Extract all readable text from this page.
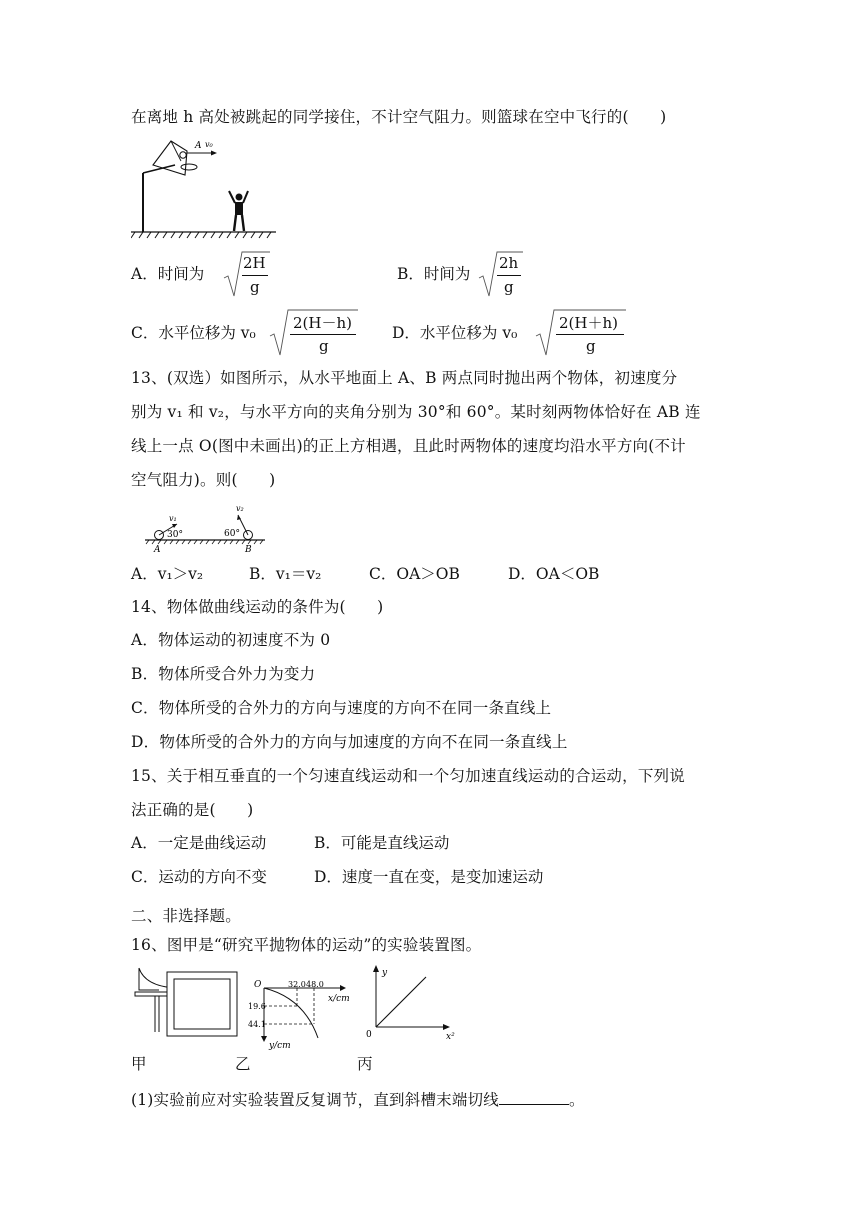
在离地 h 高处被跳起的同学接住，不计空气阻力。则篮球在空中飞行的(　　)
A v₀
A．时间为
2H
g
B．时间为
2h
g
C．水平位移为 v₀
2(H－h)
g
D．水平位移为 v₀
2(H＋h)
g
13、(双选）如图所示，从水平地面上 A、B 两点同时抛出两个物体，初速度分
别为 v₁ 和 v₂，与水平方向的夹角分别为 30°和 60°。某时刻两物体恰好在 AB 连
线上一点 O(图中未画出)的正上方相遇，且此时两物体的速度均沿水平方向(不计
空气阻力)。则(　　)
v₁
30°
A
v₂
60°
B
A．v₁＞v₂	B．v₁＝v₂	C．OA＞OB	D．OA＜OB
14、物体做曲线运动的条件为(　　)
A．物体运动的初速度不为 0
B．物体所受合外力为变力
C．物体所受的合外力的方向与速度的方向不在同一条直线上
D．物体所受的合外力的方向与加速度的方向不在同一条直线上
15、关于相互垂直的一个匀速直线运动和一个匀加速直线运动的合运动，下列说
法正确的是(　　)
A．一定是曲线运动	B．可能是直线运动
C．运动的方向不变	D．速度一直在变，是变加速运动
二、非选择题。
16、图甲是“研究平抛物体的运动”的实验装置图。
O	32.0 48.0
x/cm
19.6
44.1
y/cm
y
0	x²
甲	乙	丙
(1)实验前应对实验装置反复调节，直到斜槽末端切线	。
